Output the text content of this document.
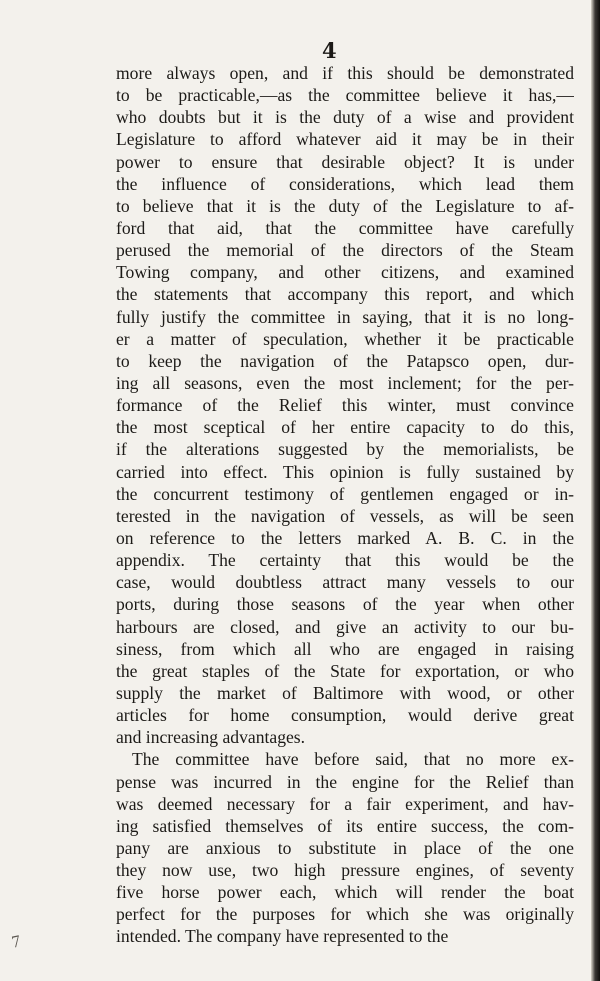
4
more always open, and if this should be demonstrated
to be practicable,—as the committee believe it has,—
who doubts but it is the duty of a wise and provident
Legislature to afford whatever aid it may be in their
power to ensure that desirable object? It is under
the influence of considerations, which lead them
to believe that it is the duty of the Legislature to af-
ford that aid, that the committee have carefully
perused the memorial of the directors of the Steam
Towing company, and other citizens, and examined
the statements that accompany this report, and which
fully justify the committee in saying, that it is no long-
er a matter of speculation, whether it be practicable
to keep the navigation of the Patapsco open, dur-
ing all seasons, even the most inclement; for the per-
formance of the Relief this winter, must convince
the most sceptical of her entire capacity to do this,
if the alterations suggested by the memorialists, be
carried into effect. This opinion is fully sustained by
the concurrent testimony of gentlemen engaged or in-
terested in the navigation of vessels, as will be seen
on reference to the letters marked A. B. C. in the
appendix. The certainty that this would be the
case, would doubtless attract many vessels to our
ports, during those seasons of the year when other
harbours are closed, and give an activity to our bu-
siness, from which all who are engaged in raising
the great staples of the State for exportation, or who
supply the market of Baltimore with wood, or other
articles for home consumption, would derive great
and increasing advantages.
The committee have before said, that no more ex-
pense was incurred in the engine for the Relief than
was deemed necessary for a fair experiment, and hav-
ing satisfied themselves of its entire success, the com-
pany are anxious to substitute in place of the one
they now use, two high pressure engines, of seventy
five horse power each, which will render the boat
perfect for the purposes for which she was originally
intended. The company have represented to the
7
